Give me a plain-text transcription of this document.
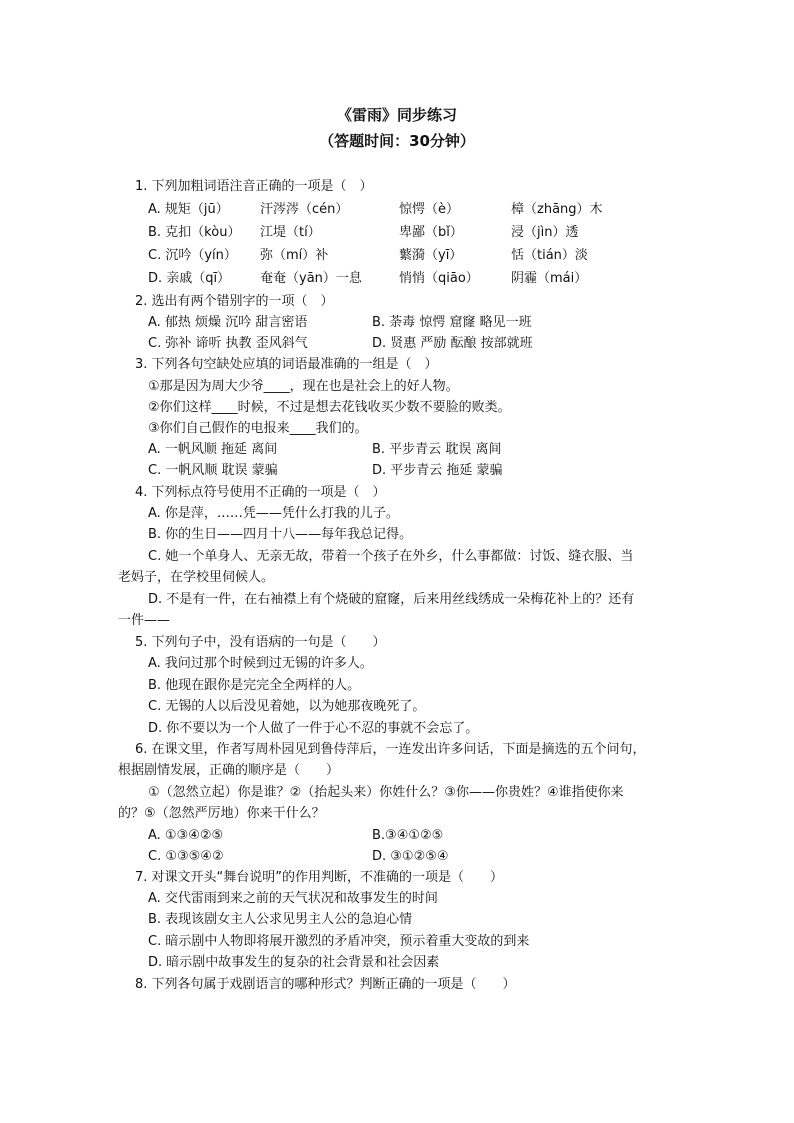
《雷雨》同步练习
（答题时间：30分钟）
1. 下列加粗词语注音正确的一项是（　）
A. 规矩（jū） 汗涔涔（cén）	惊愕（è）	樟（zhāng）木
B. 克扣（kòu） 江堤（tí）	卑鄙（bǐ）	浸（jìn）透
C. 沉吟（yín） 弥（mí）补	蘩漪（yī）	恬（tián）淡
D. 亲戚（qī） 奄奄（yān）一息	悄悄（qiāo） 阴霾（mái）
2. 选出有两个错别字的一项（　）
A. 郁热 烦燥 沉吟 甜言密语	B. 荼毒 惊愕 窟窿 略见一班
C. 弥补 谛听 执教 歪风斜气	D. 贤惠 严励 酝酿 按部就班
3. 下列各句空缺处应填的词语最准确的一组是（　）
①那是因为周大少爷____，现在也是社会上的好人物。
②你们这样____时候，不过是想去花钱收买少数不要脸的败类。
③你们自己假作的电报来____我们的。
A. 一帆风顺 拖延 离间	B. 平步青云 耽误 离间
C. 一帆风顺 耽误 蒙骗	D. 平步青云 拖延 蒙骗
4. 下列标点符号使用不正确的一项是（　）
A. 你是萍，……凭——凭什么打我的儿子。
B. 你的生日——四月十八——每年我总记得。
C. 她一个单身人、无亲无故，带着一个孩子在外乡，什么事都做：讨饭、缝衣服、当
老妈子，在学校里伺候人。
D. 不是有一件，在右袖襟上有个烧破的窟窿，后来用丝线绣成一朵梅花补上的？还有
一件——
5. 下列句子中，没有语病的一句是（　　）
A. 我问过那个时候到过无锡的许多人。
B. 他现在跟你是完完全全两样的人。
C. 无锡的人以后没见着她，以为她那夜晚死了。
D. 你不要以为一个人做了一件于心不忍的事就不会忘了。
6. 在课文里，作者写周朴园见到鲁侍萍后，一连发出许多问话，下面是摘选的五个问句，
根据剧情发展，正确的顺序是（　　）
①（忽然立起）你是谁？②（抬起头来）你姓什么？③你——你贵姓？④谁指使你来
的？⑤（忽然严厉地）你来干什么？
A. ①③④②⑤	B.③④①②⑤
C. ①③⑤④②	D. ③①②⑤④
7. 对课文开头“舞台说明”的作用判断，不准确的一项是（　　）
A. 交代雷雨到来之前的天气状况和故事发生的时间
B. 表现该剧女主人公求见男主人公的急迫心情
C. 暗示剧中人物即将展开激烈的矛盾冲突，预示着重大变故的到来
D. 暗示剧中故事发生的复杂的社会背景和社会因素
8. 下列各句属于戏剧语言的哪种形式？判断正确的一项是（　　）
